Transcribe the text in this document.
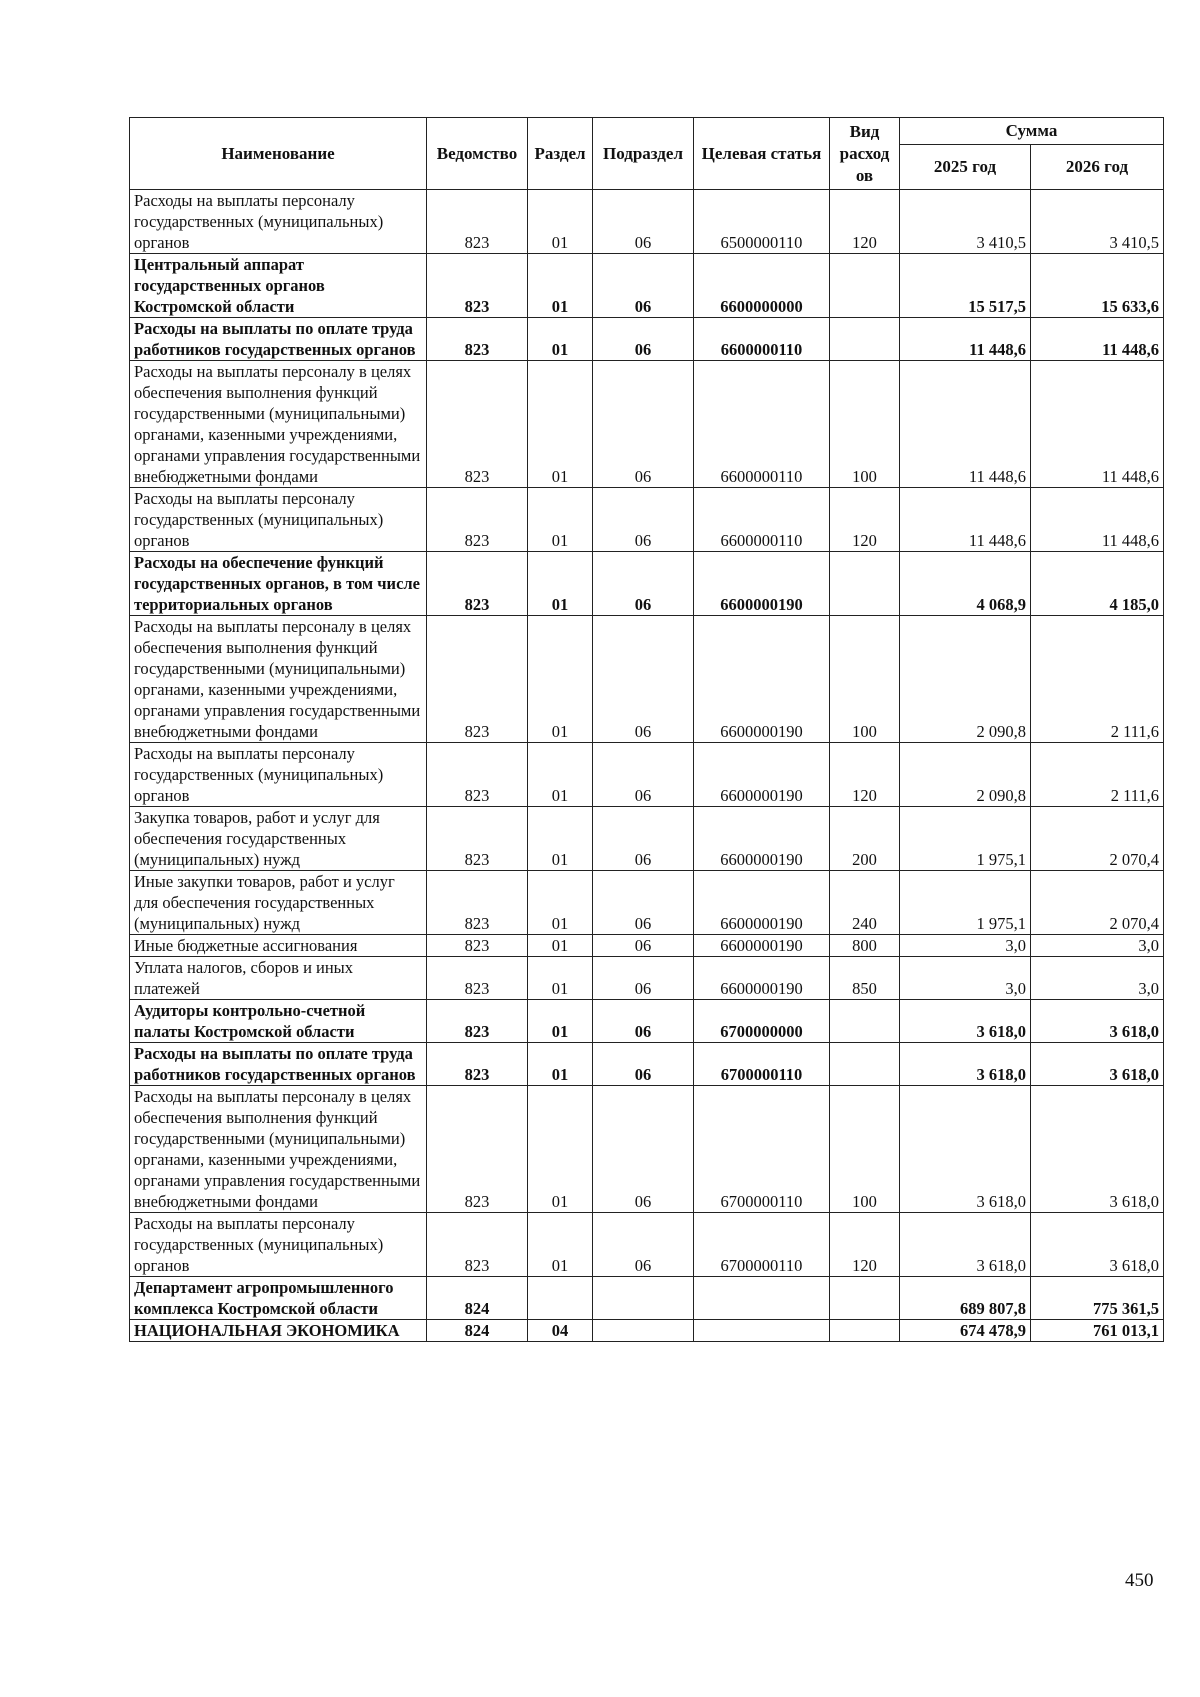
Наименование	Ведомство	Раздел	Подраздел	Целевая статья	Вид расход ов	Сумма	
						2025 год	2026 год
Расходы на выплаты персоналу государственных (муниципальных) органов	823	01	06	6500000110	120	3 410,5	3 410,5
Центральный аппарат государственных органов Костромской области	823	01	06	6600000000		15 517,5	15 633,6
Расходы на выплаты по оплате труда работников государственных органов	823	01	06	6600000110		11 448,6	11 448,6
Расходы на выплаты персоналу в целях обеспечения выполнения функций государственными (муниципальными) органами, казенными учреждениями, органами управления государственными внебюджетными фондами	823	01	06	6600000110	100	11 448,6	11 448,6
Расходы на выплаты персоналу государственных (муниципальных) органов	823	01	06	6600000110	120	11 448,6	11 448,6
Расходы на обеспечение функций государственных органов, в том числе территориальных органов	823	01	06	6600000190		4 068,9	4 185,0
Расходы на выплаты персоналу в целях обеспечения выполнения функций государственными (муниципальными) органами, казенными учреждениями, органами управления государственными внебюджетными фондами	823	01	06	6600000190	100	2 090,8	2 111,6
Расходы на выплаты персоналу государственных (муниципальных) органов	823	01	06	6600000190	120	2 090,8	2 111,6
Закупка товаров, работ и услуг для обеспечения государственных (муниципальных) нужд	823	01	06	6600000190	200	1 975,1	2 070,4
Иные закупки товаров, работ и услуг для обеспечения государственных (муниципальных) нужд	823	01	06	6600000190	240	1 975,1	2 070,4
Иные бюджетные ассигнования	823	01	06	6600000190	800	3,0	3,0
Уплата налогов, сборов и иных платежей	823	01	06	6600000190	850	3,0	3,0
Аудиторы контрольно-счетной палаты Костромской области	823	01	06	6700000000		3 618,0	3 618,0
Расходы на выплаты по оплате труда работников государственных органов	823	01	06	6700000110		3 618,0	3 618,0
Расходы на выплаты персоналу в целях обеспечения выполнения функций государственными (муниципальными) органами, казенными учреждениями, органами управления государственными внебюджетными фондами	823	01	06	6700000110	100	3 618,0	3 618,0
Расходы на выплаты персоналу государственных (муниципальных) органов	823	01	06	6700000110	120	3 618,0	3 618,0
Департамент агропромышленного комплекса Костромской области	824					689 807,8	775 361,5
НАЦИОНАЛЬНАЯ ЭКОНОМИКА	824	04				674 478,9	761 013,1
450
